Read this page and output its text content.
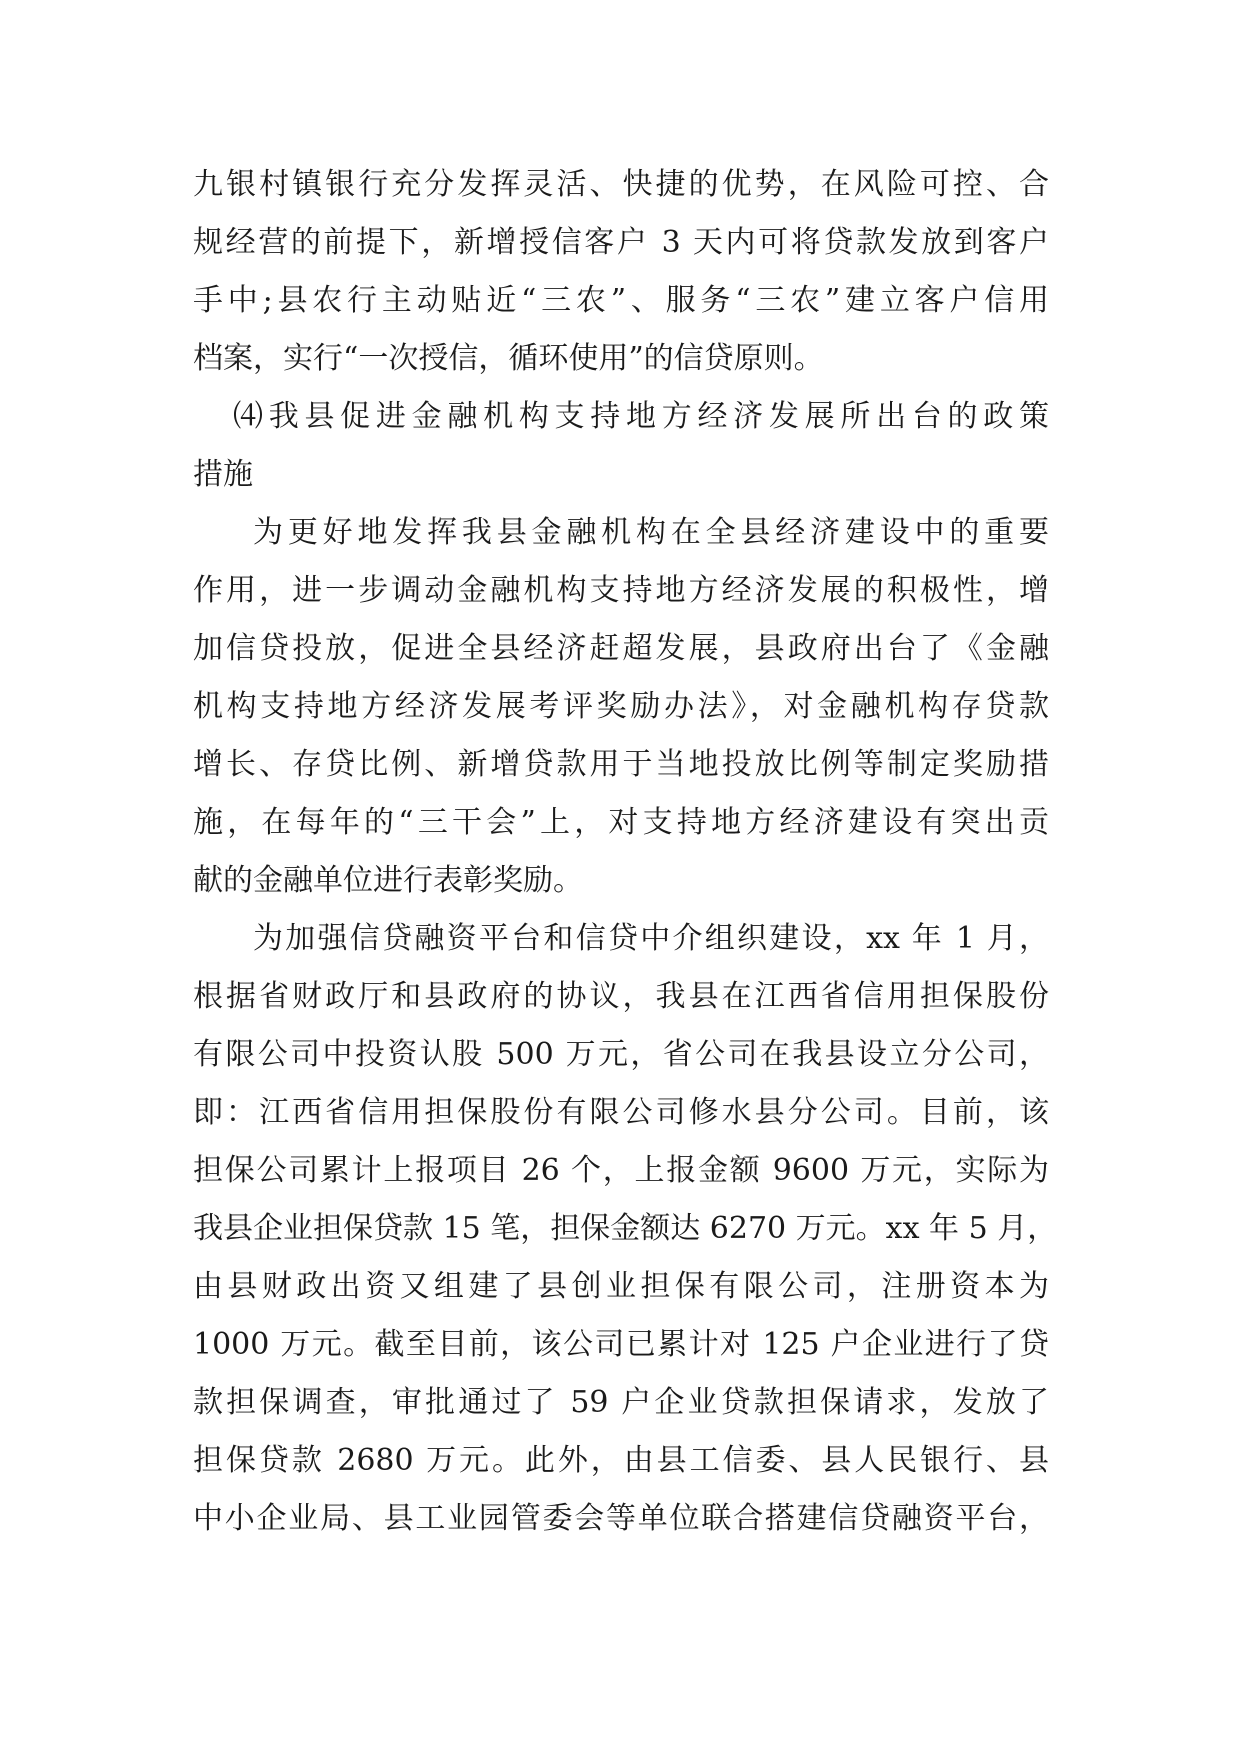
九银村镇银行充分发挥灵活、快捷的优势，在风险可控、合
规经营的前提下，新增授信客户 3 天内可将贷款发放到客户
手中;县农行主动贴近“三农”、服务“三农”建立客户信用
档案，实行“一次授信，循环使用”的信贷原则。
⑷我县促进金融机构支持地方经济发展所出台的政策
措施
为更好地发挥我县金融机构在全县经济建设中的重要
作用，进一步调动金融机构支持地方经济发展的积极性，增
加信贷投放，促进全县经济赶超发展，县政府出台了《金融
机构支持地方经济发展考评奖励办法》，对金融机构存贷款
增长、存贷比例、新增贷款用于当地投放比例等制定奖励措
施，在每年的“三干会”上，对支持地方经济建设有突出贡
献的金融单位进行表彰奖励。
为加强信贷融资平台和信贷中介组织建设，xx 年 1 月，
根据省财政厅和县政府的协议，我县在江西省信用担保股份
有限公司中投资认股 500 万元，省公司在我县设立分公司，
即：江西省信用担保股份有限公司修水县分公司。目前，该
担保公司累计上报项目 26 个，上报金额 9600 万元，实际为
我县企业担保贷款 15 笔，担保金额达 6270 万元。xx 年 5 月，
由县财政出资又组建了县创业担保有限公司，注册资本为
1000 万元。截至目前，该公司已累计对 125 户企业进行了贷
款担保调查，审批通过了 59 户企业贷款担保请求，发放了
担保贷款 2680 万元。此外，由县工信委、县人民银行、县
中小企业局、县工业园管委会等单位联合搭建信贷融资平台，
